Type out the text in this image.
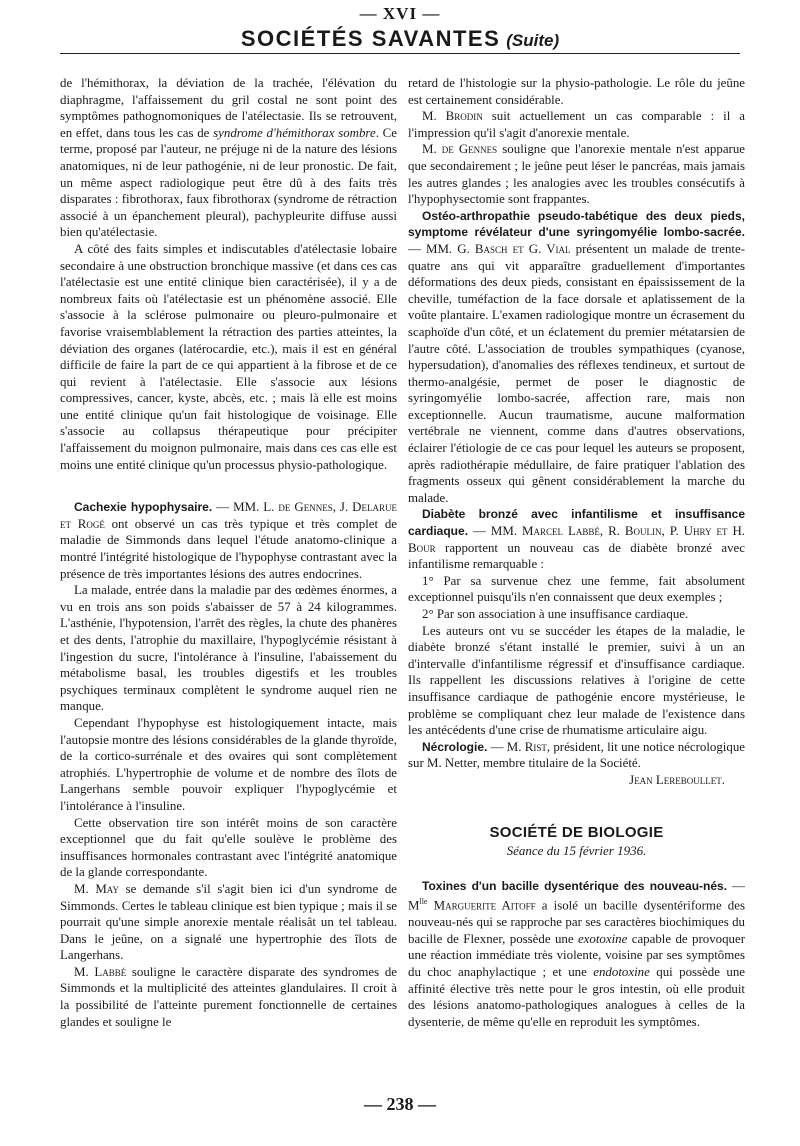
— XVI —
SOCIÉTÉS SAVANTES (Suite)

de l'hémithorax, la déviation de la trachée, l'élévation du diaphragme, l'affaissement du gril costal ne sont point des symptômes pathognomoniques de l'atélectasie. Ils se retrouvent, en effet, dans tous les cas de syndrome d'hémithorax sombre. Ce terme, proposé par l'auteur, ne préjuge ni de la nature des lésions anatomiques, ni de leur pathogénie, ni de leur pronostic. De fait, un même aspect radiologique peut être dû à des faits très disparates : fibrothorax, faux fibrothorax (syndrome de rétraction associé à un épanchement pleural), pachypleurite diffuse aussi bien qu'atélectasie.

A côté des faits simples et indiscutables d'atélectasie lobaire secondaire à une obstruction bronchique massive (et dans ces cas l'atélectasie est une entité clinique bien caractérisée), il y a de nombreux faits où l'atélectasie est un phénomène associé. Elle s'associe à la sclérose pulmonaire ou pleuro-pulmonaire et favorise vraisemblablement la rétraction des parties atteintes, la déviation des organes (latérocardie, etc.), mais il est en général difficile de faire la part de ce qui appartient à la fibrose et de ce qui revient à l'atélectasie. Elle s'associe aux lésions compressives, cancer, kyste, abcès, etc. ; mais là elle est moins une entité clinique qu'un fait histologique de voisinage. Elle s'associe au collapsus thérapeutique pour précipiter l'affaissement du moignon pulmonaire, mais dans ces cas elle est moins une entité clinique qu'un processus physio-pathologique.

Cachexie hypophysaire. — MM. L. de Gennes, J. Delarue et Rogé ont observé un cas très typique et très complet de maladie de Simmonds dans lequel l'étude anatomo-clinique a montré l'intégrité histologique de l'hypophyse contrastant avec la présence de très importantes lésions des autres endocrines.

La malade, entrée dans la maladie par des œdèmes énormes, a vu en trois ans son poids s'abaisser de 57 à 24 kilogrammes. L'asthénie, l'hypotension, l'arrêt des règles, la chute des phanères et des dents, l'atrophie du maxillaire, l'hypoglycémie résistant à l'ingestion du sucre, l'intolérance à l'insuline, l'abaissement du métabolisme basal, les troubles digestifs et les troubles psychiques terminaux complètent le syndrome auquel rien ne manque.

Cependant l'hypophyse est histologiquement intacte, mais l'autopsie montre des lésions considérables de la glande thyroïde, de la cortico-surrénale et des ovaires qui sont complètement atrophiés. L'hypertrophie de volume et de nombre des îlots de Langerhans semble pouvoir expliquer l'hypoglycémie et l'intolérance à l'insuline.

Cette observation tire son intérêt moins de son caractère exceptionnel que du fait qu'elle soulève le problème des insuffisances hormonales contrastant avec l'intégrité anatomique de la glande correspondante.

M. May se demande s'il s'agit bien ici d'un syndrome de Simmonds. Certes le tableau clinique est bien typique ; mais il se pourrait qu'une simple anorexie mentale réalisât un tel tableau. Dans le jeûne, on a signalé une hypertrophie des îlots de Langerhans.

M. Labbé souligne le caractère disparate des syndromes de Simmonds et la multiplicité des atteintes glandulaires. Il croit à la possibilité de l'atteinte purement fonctionnelle de certaines glandes et souligne le

retard de l'histologie sur la physio-pathologie. Le rôle du jeûne est certainement considérable.

M. Brodin suit actuellement un cas comparable : il a l'impression qu'il s'agit d'anorexie mentale.

M. de Gennes souligne que l'anorexie mentale n'est apparue que secondairement ; le jeûne peut léser le pancréas, mais jamais les autres glandes ; les analogies avec les troubles consécutifs à l'hypophysectomie sont frappantes.

Ostéo-arthropathie pseudo-tabétique des deux pieds, symptome révélateur d'une syringomyélie lombo-sacrée. — MM. G. Basch et G. Vial présentent un malade de trente-quatre ans qui vit apparaître graduellement d'importantes déformations des deux pieds, consistant en épaississement de la cheville, tuméfaction de la face dorsale et aplatissement de la voûte plantaire. L'examen radiologique montre un écrasement du scaphoïde d'un côté, et un éclatement du premier métatarsien de l'autre côté. L'association de troubles sympathiques (cyanose, hypersudation), d'anomalies des réflexes tendineux, et surtout de thermo-analgésie, permet de poser le diagnostic de syringomyélie lombo-sacrée, affection rare, mais non exceptionnelle. Aucun traumatisme, aucune malformation vertébrale ne viennent, comme dans d'autres observations, éclairer l'étiologie de ce cas pour lequel les auteurs se proposent, après radiothérapie médullaire, de faire pratiquer l'ablation des fragments osseux qui gênent considérablement la marche du malade.

Diabète bronzé avec infantilisme et insuffisance cardiaque. — MM. Marcel Labbé, R. Boulin, P. Uhry et H. Bour rapportent un nouveau cas de diabète bronzé avec infantilisme remarquable :

1° Par sa survenue chez une femme, fait absolument exceptionnel puisqu'ils n'en connaissent que deux exemples ;

2° Par son association à une insuffisance cardiaque.

Les auteurs ont vu se succéder les étapes de la maladie, le diabète bronzé s'étant installé le premier, suivi à un an d'intervalle d'infantilisme régressif et d'insuffisance cardiaque. Ils rappellent les discussions relatives à l'origine de cette insuffisance cardiaque de pathogénie encore mystérieuse, le problème se compliquant chez leur malade de l'existence dans les antécédents d'une crise de rhumatisme articulaire aigu.

Nécrologie. — M. Rist, président, lit une notice nécrologique sur M. Netter, membre titulaire de la Société.

Jean Lereboullet.

SOCIÉTÉ DE BIOLOGIE
Séance du 15 février 1936.

Toxines d'un bacille dysentérique des nouveau-nés. — $M^{lle}$ Marguerite Aitoff a isolé un bacille dysentériforme des nouveau-nés qui se rapproche par ses caractères biochimiques du bacille de Flexner, possède une exotoxine capable de provoquer une réaction immédiate très violente, voisine par ses symptômes du choc anaphylactique ; et une endotoxine qui possède une affinité élective très nette pour le gros intestin, où elle produit des lésions anatomo-pathologiques analogues à celles de la dysenterie, de même qu'elle en reproduit les symptômes.

— 238 —
